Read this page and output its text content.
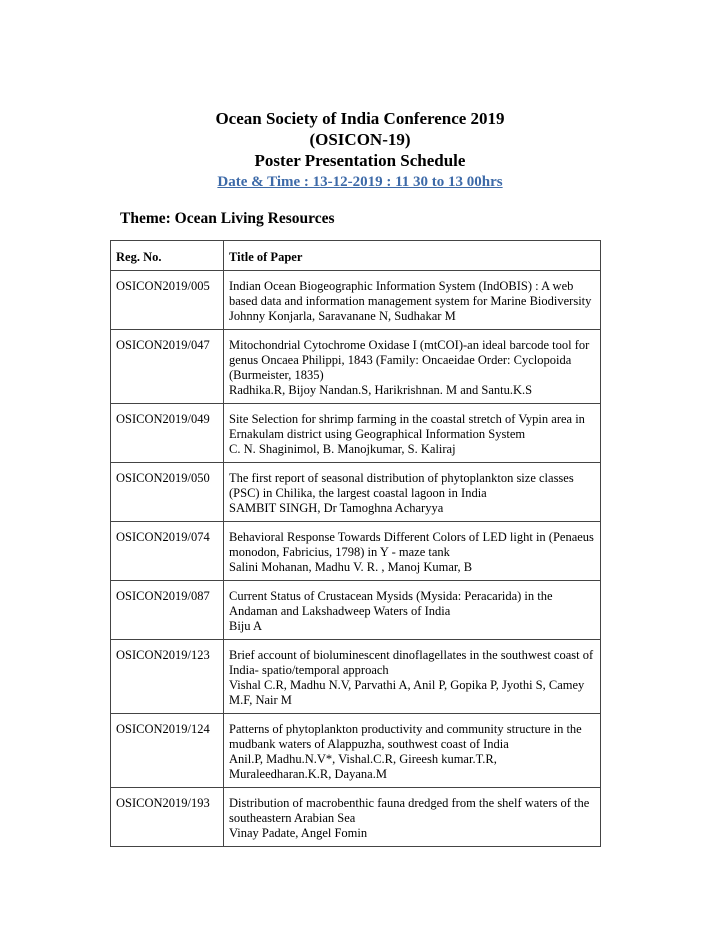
Ocean Society of India Conference 2019

(OSICON-19)

Poster Presentation Schedule

Date & Time : 13-12-2019 : 11 30 to 13 00hrs

Theme: Ocean Living Resources

Reg. No.	Title of Paper
OSICON2019/005	Indian Ocean Biogeographic Information System (IndOBIS) : A web based data and information management system for Marine Biodiversity
Johnny Konjarla, Saravanane N, Sudhakar M

OSICON2019/047	Mitochondrial Cytochrome Oxidase I (mtCOI)-an ideal barcode tool for genus Oncaea Philippi, 1843 (Family: Oncaeidae Order: Cyclopoida (Burmeister, 1835)
Radhika.R, Bijoy Nandan.S, Harikrishnan. M and Santu.K.S

OSICON2019/049	Site Selection for shrimp farming in the coastal stretch of Vypin area in Ernakulam district using Geographical Information System
C. N. Shaginimol, B. Manojkumar, S. Kaliraj

OSICON2019/050	The first report of seasonal distribution of phytoplankton size classes (PSC) in Chilika, the largest coastal lagoon in India
SAMBIT SINGH, Dr Tamoghna Acharyya

OSICON2019/074	Behavioral Response Towards Different Colors of LED light in (Penaeus monodon, Fabricius, 1798) in Y - maze tank
Salini Mohanan, Madhu V. R. , Manoj Kumar, B

OSICON2019/087	Current Status of Crustacean Mysids (Mysida: Peracarida) in the Andaman and Lakshadweep Waters of India
Biju A

OSICON2019/123	Brief account of bioluminescent dinoflagellates in the southwest coast of India- spatio/temporal approach
Vishal C.R, Madhu N.V, Parvathi A, Anil P, Gopika P, Jyothi S, Camey M.F, Nair M

OSICON2019/124	Patterns of phytoplankton productivity and community structure in the mudbank waters of Alappuzha, southwest coast of India
Anil.P, Madhu.N.V*, Vishal.C.R, Gireesh kumar.T.R, Muraleedharan.K.R, Dayana.M

OSICON2019/193	Distribution of macrobenthic fauna dredged from the shelf waters of the southeastern Arabian Sea
Vinay Padate, Angel Fomin
